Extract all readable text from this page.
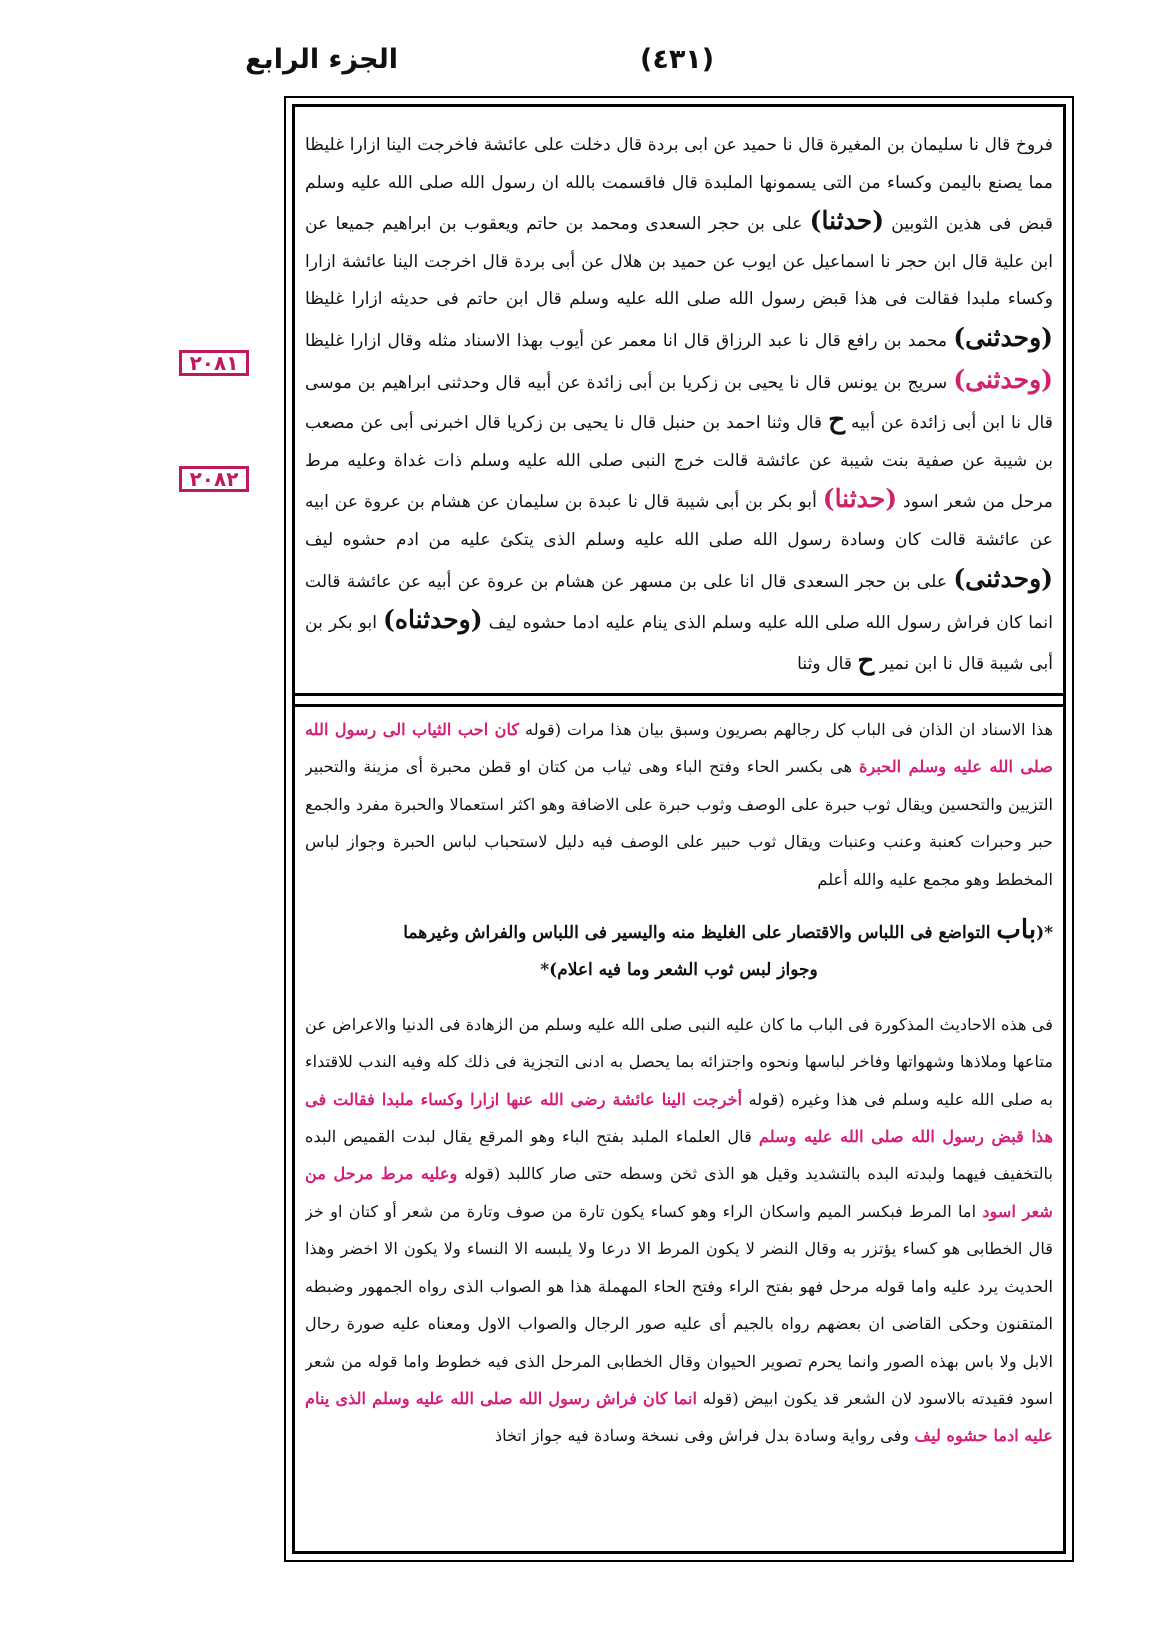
الجزء الرابع	(٤٣١)
٢٠٨١
٢٠٨٢
فروخ قال نا سليمان بن المغيرة قال نا حميد عن ابى بردة قال دخلت على عائشة فاخرجت الينا ازارا غليظا مما يصنع باليمن وكساء من التى يسمونها الملبدة قال فاقسمت بالله ان رسول الله صلى الله عليه وسلم قبض فى هذين الثوبين (حدثنا) على بن حجر السعدى ومحمد بن حاتم ويعقوب بن ابراهيم جميعا عن ابن علية قال ابن حجر نا اسماعيل عن ايوب عن حميد بن هلال عن أبى بردة قال اخرجت الينا عائشة ازارا وكساء ملبدا فقالت فى هذا قبض رسول الله صلى الله عليه وسلم قال ابن حاتم فى حديثه ازارا غليظا (وحدثنى) محمد بن رافع قال نا عبد الرزاق قال انا معمر عن أيوب بهذا الاسناد مثله وقال ازارا غليظا (وحدثنى) سريج بن يونس قال نا يحيى بن زكريا بن أبى زائدة عن أبيه قال وحدثنى ابراهيم بن موسى قال نا ابن أبى زائدة عن أبيه ح قال وثنا احمد بن حنبل قال نا يحيى بن زكريا قال اخبرنى أبى عن مصعب بن شيبة عن صفية بنت شيبة عن عائشة قالت خرج النبى صلى الله عليه وسلم ذات غداة وعليه مرط مرحل من شعر اسود (حدثنا) أبو بكر بن أبى شيبة قال نا عبدة بن سليمان عن هشام بن عروة عن ابيه عن عائشة قالت كان وسادة رسول الله صلى الله عليه وسلم الذى يتكئ عليه من ادم حشوه ليف (وحدثنى) على بن حجر السعدى قال انا على بن مسهر عن هشام بن عروة عن أبيه عن عائشة قالت انما كان فراش رسول الله صلى الله عليه وسلم الذى ينام عليه ادما حشوه ليف (وحدثناه) ابو بكر بن أبى شيبة قال نا ابن نمير ح قال وثنا

هذا الاسناد ان الذان فى الباب كل رجالهم بصريون وسبق بيان هذا مرات (قوله كان احب الثياب الى رسول الله صلى الله عليه وسلم الحبرة هى بكسر الحاء وفتح الباء وهى ثياب من كتان او قطن محبرة أى مزينة والتحبير التزيين والتحسين ويقال ثوب حبرة على الوصف وثوب حبرة على الاضافة وهو اكثر استعمالا والحبرة مفرد والجمع حبر وحبرات كعنبة وعنب وعنبات ويقال ثوب حبير على الوصف فيه دليل لاستحباب لباس الحبرة وجواز لباس المخطط وهو مجمع عليه والله أعلم

*(باب التواضع فى اللباس والاقتصار على الغليظ منه واليسير فى اللباس والفراش وغيرهما
وجواز لبس ثوب الشعر وما فيه اعلام)*

فى هذه الاحاديث المذكورة فى الباب ما كان عليه النبى صلى الله عليه وسلم من الزهادة فى الدنيا والاعراض عن متاعها وملاذها وشهواتها وفاخر لباسها ونحوه واجتزائه بما يحصل به ادنى التجزية فى ذلك كله وفيه الندب للاقتداء به صلى الله عليه وسلم فى هذا وغيره (قوله أخرجت الينا عائشة رضى الله عنها ازارا وكساء ملبدا فقالت فى هذا قبض رسول الله صلى الله عليه وسلم قال العلماء الملبد بفتح الباء وهو المرقع يقال لبدت القميص البده بالتخفيف فيهما ولبدته البده بالتشديد وقيل هو الذى ثخن وسطه حتى صار كاللبد (قوله وعليه مرط مرحل من شعر اسود اما المرط فبكسر الميم واسكان الراء وهو كساء يكون تارة من صوف وتارة من شعر أو كتان او خز قال الخطابى هو كساء يؤتزر به وقال النضر لا يكون المرط الا درعا ولا يلبسه الا النساء ولا يكون الا اخضر وهذا الحديث يرد عليه واما قوله مرحل فهو بفتح الراء وفتح الحاء المهملة هذا هو الصواب الذى رواه الجمهور وضبطه المتقنون وحكى القاضى ان بعضهم رواه بالجيم أى عليه صور الرجال والصواب الاول ومعناه عليه صورة رحال الابل ولا باس بهذه الصور وانما يحرم تصوير الحيوان وقال الخطابى المرحل الذى فيه خطوط واما قوله من شعر اسود فقيدته بالاسود لان الشعر قد يكون ابيض (قوله انما كان فراش رسول الله صلى الله عليه وسلم الذى ينام عليه ادما حشوه ليف وفى رواية وسادة بدل فراش وفى نسخة وسادة فيه جواز اتخاذ
